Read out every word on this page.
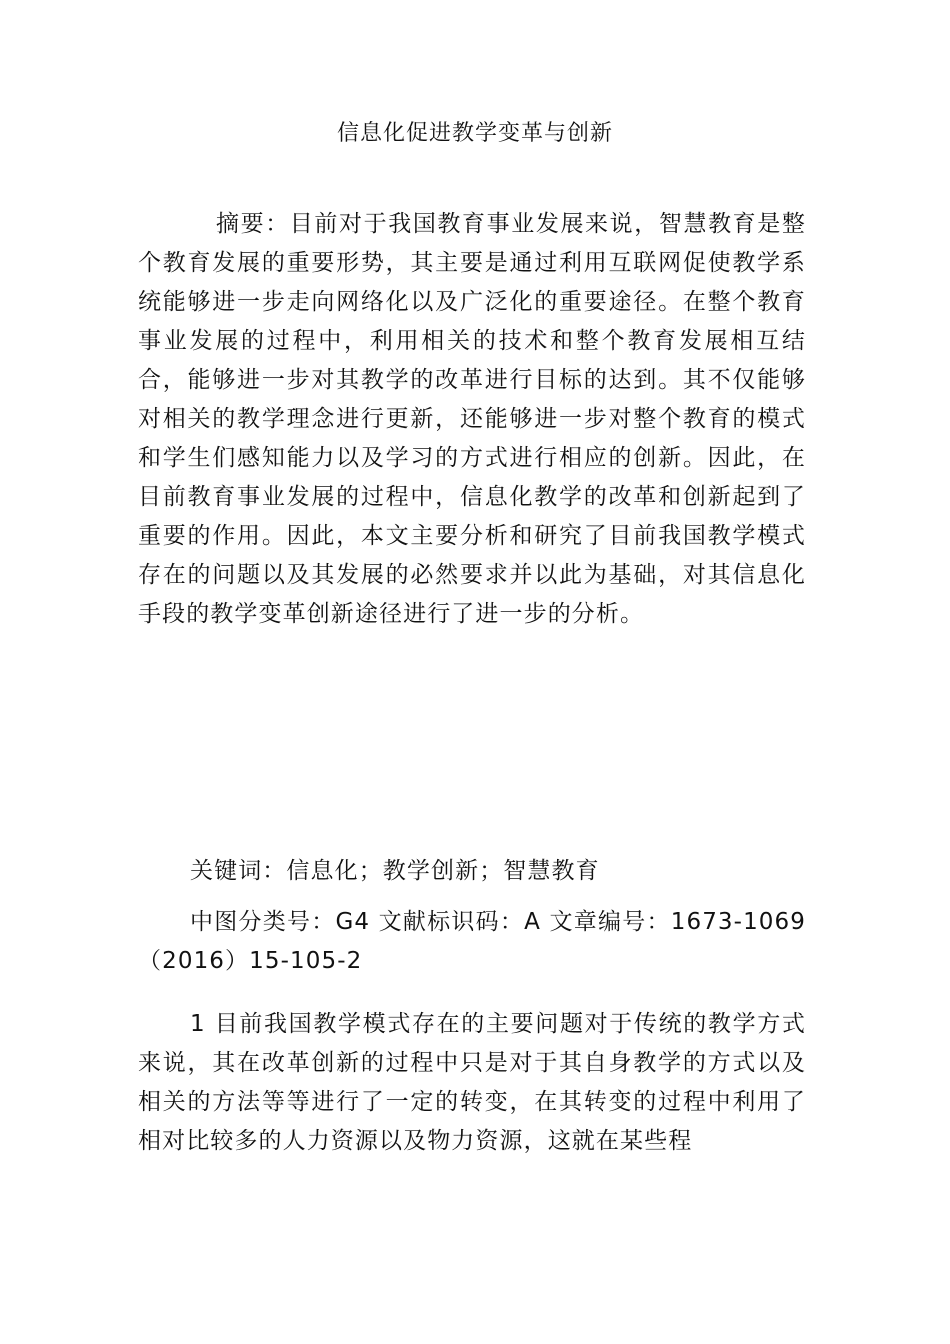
信息化促进教学变革与创新

摘要：目前对于我国教育事业发展来说，智慧教育是整个教育发展的重要形势，其主要是通过利用互联网促使教学系统能够进一步走向网络化以及广泛化的重要途径。在整个教育事业发展的过程中，利用相关的技术和整个教育发展相互结合，能够进一步对其教学的改革进行目标的达到。其不仅能够对相关的教学理念进行更新，还能够进一步对整个教育的模式和学生们感知能力以及学习的方式进行相应的创新。因此，在目前教育事业发展的过程中，信息化教学的改革和创新起到了重要的作用。因此，本文主要分析和研究了目前我国教学模式存在的问题以及其发展的必然要求并以此为基础，对其信息化手段的教学变革创新途径进行了进一步的分析。

关键词：信息化；教学创新；智慧教育

中图分类号：G4 文献标识码：A 文章编号：1673-1069（2016）15-105-2

1 目前我国教学模式存在的主要问题对于传统的教学方式来说，其在改革创新的过程中只是对于其自身教学的方式以及相关的方法等等进行了一定的转变，在其转变的过程中利用了相对比较多的人力资源以及物力资源，这就在某些程
